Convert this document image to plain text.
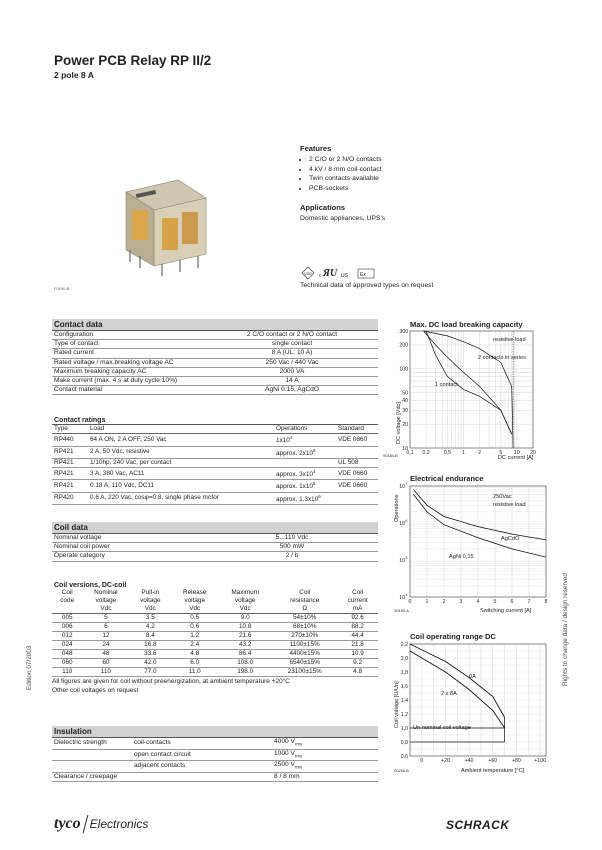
Power PCB Relay RP II/2
2 pole 8 A
F0190-B
Features
• 2 C/O or 2 N/O contacts
• 4 kV / 8 mm coil-contact
• Twin contacts available
• PCB-sockets
Applications
Domestic appliances, UPS's
VDE c ЯU US Ex
Technical data of approved types on request
Contact data
Configuration	2 C/O contact or 2 N/O contact
Type of contact	single contact
Rated current	8 A (UL: 10 A)
Rated voltage / max.breaking voltage AC	250 Vac / 440 Vac
Maximum breaking capacity AC	2000 VA
Make current (max. 4 s at duty cycle 10%)	14 A
Contact material	AgNi 0.15, AgCdO
Contact ratings
Type	Load	Operations	Standard
RP440	64 A ON, 2 A OFF, 250 Vac	$1x10^4$	VDE 0860
RP421	2 A, 50 Vdc, resistive	approx. $2x10^5$	
RP421	1/10hp, 240 Vac, per contact		UL 508
RP421	3 A, 380 Vac, AC11	approx. $3x10^4$	VDE 0660
RP421	0.18 A, 110 Vdc, DC11	approx. $1x10^5$	VDE 0660
RP420	0.6 A, 220 Vac, cosφ=0.8, single phase motor	approx. $1.3x10^6$	
Coil data
Nominal voltage	5...110 Vdc
Nominal coil power	500 mW
Operate category	2 / b
Coil versions, DC-coil
Coil	Nominal	Pull-in	Release	Maximum	Coil	Coil
code	voltage	voltage	voltage	voltage	resistance	current
	Vdc	Vdc	Vdc	Vdc	Ω	mA
005	5	3.5	0.5	9.0	54±10%	92.6
006	6	4.2	0.6	10.8	68±10%	88.2
012	12	8.4	1.2	21.6	270±10%	44.4
024	24	16.8	2.4	43.2	1100±15%	21.8
048	48	33.6	4.8	86.4	4400±15%	10.9
060	60	42.0	6.0	108.0	6540±15%	9.2
110	110	77.0	11.0	198.0	23100±15%	4.8
All figures are given for coil without preenergization, at ambient temperature +20°C
Other coil voltages on request
Insulation
Dielectric strength	coil-contacts	4000 $V_{rms}$
	open contact circuit	1000 $V_{rms}$
	adjacent contacts	2500 $V_{rms}$
Clearance / creepage		8 / 8 mm
Edition 07/2003	Rights to change data / design reserved
Max. DC load breaking capacity
300
200
100
50
40
30
20
10
0,1 0,2	0,5 1	2	5 10 20
resistive load
2 contacts in series
1 contact
DC current [A]
S0184-B
DC voltage [Vdc]
Electrical endurance
10 7
10 6
10 5
10 4
0	1	2	3	4	5	6	7	8
250Vac
resistive load
AgCdO
AgNi 0,15
Switching current [A]
S0193-A
Operations
Coil operating range DC
2,2
2,0
1,8
1,6
1,4
1,2
1,0
0,8
0,6
0	+20	+40	+60	+80	+100
0A
2 x 8A
Un nominal coil voltage
Ambient temperature [°C]
S0206-B
Coil voltage [U/Un]
tyco Electronics	SCHRACK
